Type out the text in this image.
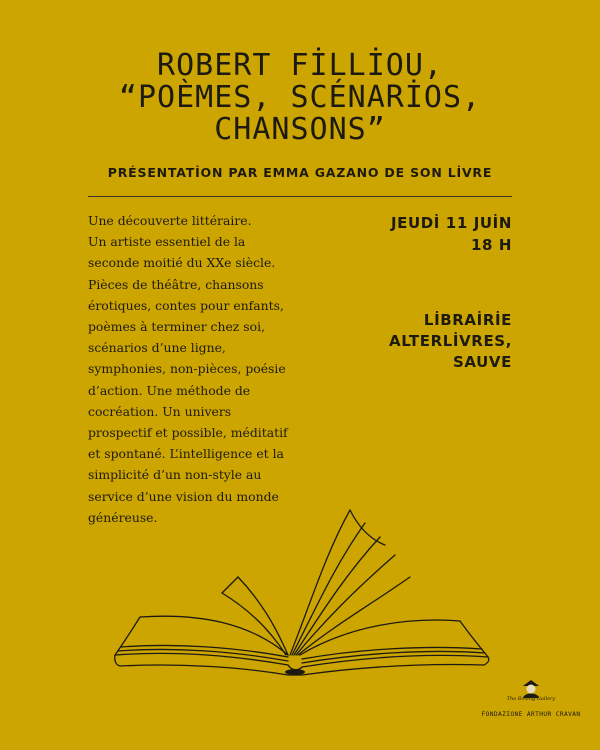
ROBERT FİLLİOU,
“POÈMES, SCÉNARİOS,
CHANSONS”
PRÉSENTATİON PAR EMMA GAZANO DE SON LİVRE
Une découverte littéraire.
Un artiste essentiel de la
seconde moitié du XXe siècle.
Pièces de théâtre, chansons
érotiques, contes pour enfants,
poèmes à terminer chez soi,
scénarios d’une ligne,
symphonies, non-pièces, poésie
d’action. Une méthode de
cocréation. Un univers
prospectif et possible, méditatif
et spontané. L’intelligence et la
simplicité d’un non-style au
service d’une vision du monde
généreuse.
JEUDİ 11 JUİN
18 H
LİBRAİRİE
ALTERLİVRES,
SAUVE
The Boxing Gallery
FONDAZIONE ARTHUR CRAVAN
